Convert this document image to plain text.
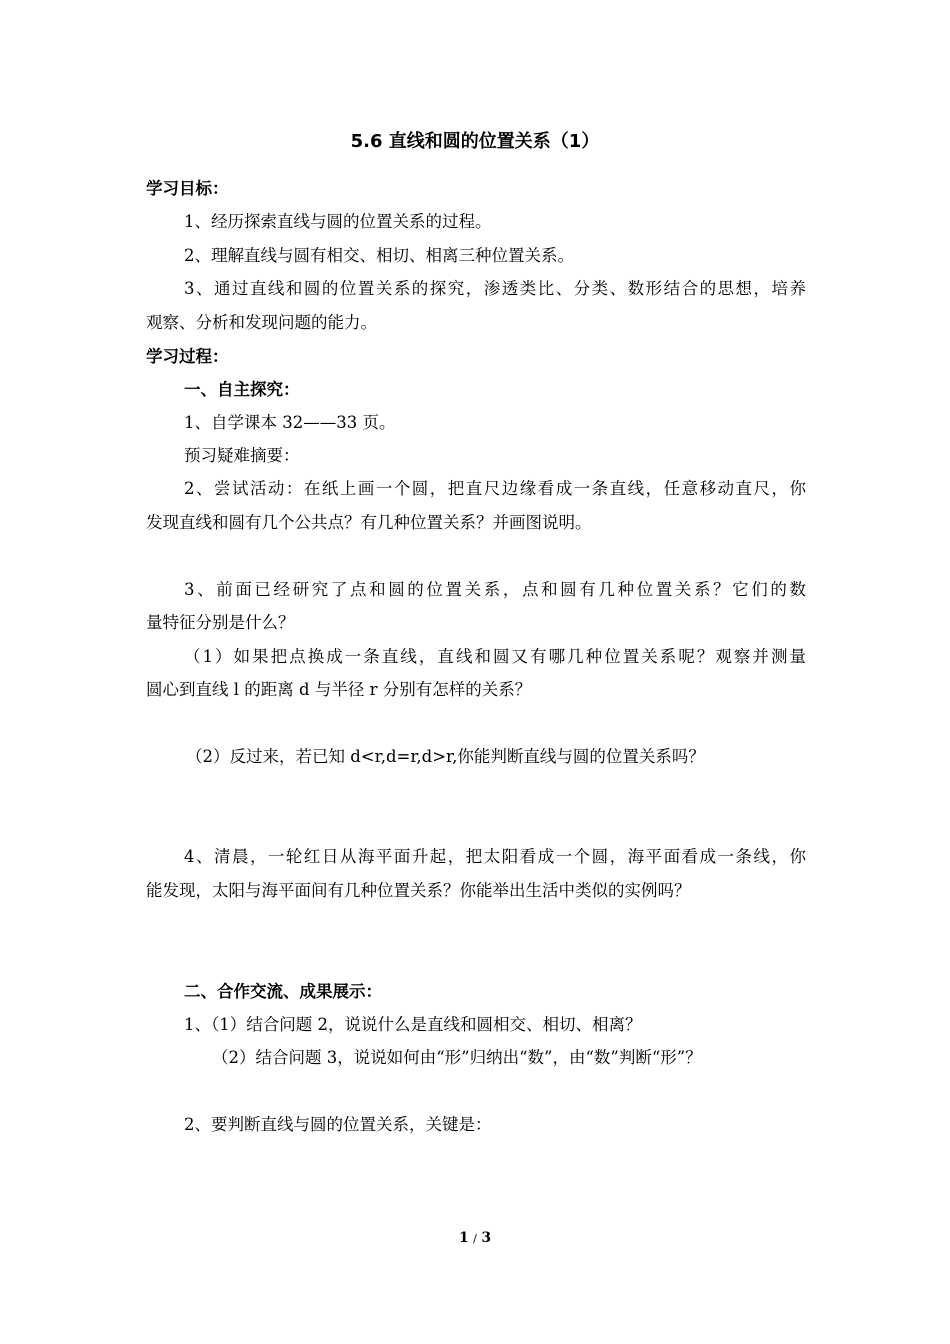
5.6 直线和圆的位置关系（1）
学习目标：
1、经历探索直线与圆的位置关系的过程。
2、理解直线与圆有相交、相切、相离三种位置关系。
3、通过直线和圆的位置关系的探究，渗透类比、分类、数形结合的思想，培养
观察、分析和发现问题的能力。
学习过程：
一、自主探究：
1、自学课本 32——33 页。
预习疑难摘要：
2、尝试活动：在纸上画一个圆，把直尺边缘看成一条直线，任意移动直尺，你
发现直线和圆有几个公共点？有几种位置关系？并画图说明。
3、前面已经研究了点和圆的位置关系，点和圆有几种位置关系？它们的数
量特征分别是什么？
（1）如果把点换成一条直线，直线和圆又有哪几种位置关系呢？观察并测量
圆心到直线 l 的距离 d 与半径 r 分别有怎样的关系？
（2）反过来，若已知 d<r,d=r,d>r,你能判断直线与圆的位置关系吗？
4、清晨，一轮红日从海平面升起，把太阳看成一个圆，海平面看成一条线，你
能发现，太阳与海平面间有几种位置关系？你能举出生活中类似的实例吗？
二、合作交流、成果展示：
1、（1）结合问题 2，说说什么是直线和圆相交、相切、相离？
（2）结合问题 3，说说如何由“形”归纳出“数”，由“数”判断“形”？
2、要判断直线与圆的位置关系，关键是：
1 / 3
